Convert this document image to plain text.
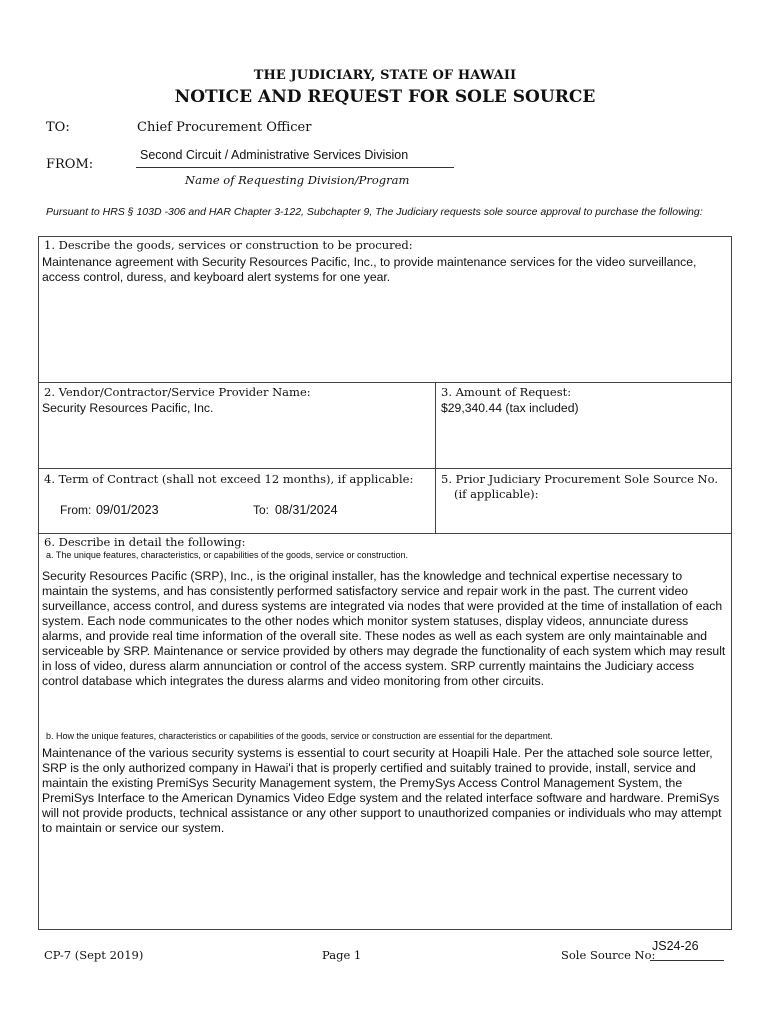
THE JUDICIARY, STATE OF HAWAII
NOTICE AND REQUEST FOR SOLE SOURCE
TO:	Chief Procurement Officer
FROM:
Second Circuit / Administrative Services Division
Name of Requesting Division/Program
Pursuant to HRS § 103D -306 and HAR Chapter 3-122, Subchapter 9, The Judiciary requests sole source approval to purchase the following:
1. Describe the goods, services or construction to be procured:
Maintenance agreement with Security Resources Pacific, Inc., to provide maintenance services for the video surveillance, access control, duress, and keyboard alert systems for one year.
2. Vendor/Contractor/Service Provider Name:
Security Resources Pacific, Inc.
3. Amount of Request:
$29,340.44 (tax included)
4. Term of Contract (shall not exceed 12 months), if applicable:
From: 09/01/2023	To: 08/31/2024
5. Prior Judiciary Procurement Sole Source No.
(if applicable):
6. Describe in detail the following:
a. The unique features, characteristics, or capabilities of the goods, service or construction.
Security Resources Pacific (SRP), Inc., is the original installer, has the knowledge and technical expertise necessary to maintain the systems, and has consistently performed satisfactory service and repair work in the past. The current video surveillance, access control, and duress systems are integrated via nodes that were provided at the time of installation of each system. Each node communicates to the other nodes which monitor system statuses, display videos, annunciate duress alarms, and provide real time information of the overall site. These nodes as well as each system are only maintainable and serviceable by SRP. Maintenance or service provided by others may degrade the functionality of each system which may result in loss of video, duress alarm annunciation or control of the access system. SRP currently maintains the Judiciary access control database which integrates the duress alarms and video monitoring from other circuits.
b. How the unique features, characteristics or capabilities of the goods, service or construction are essential for the department.
Maintenance of the various security systems is essential to court security at Hoapili Hale. Per the attached sole source letter, SRP is the only authorized company in Hawai'i that is properly certified and suitably trained to provide, install, service and maintain the existing PremiSys Security Management system, the PremySys Access Control Management System, the PremiSys Interface to the American Dynamics Video Edge system and the related interface software and hardware. PremiSys will not provide products, technical assistance or any other support to unauthorized companies or individuals who may attempt to maintain or service our system.
CP-7 (Sept 2019)	Page 1	Sole Source No:
JS24-26
